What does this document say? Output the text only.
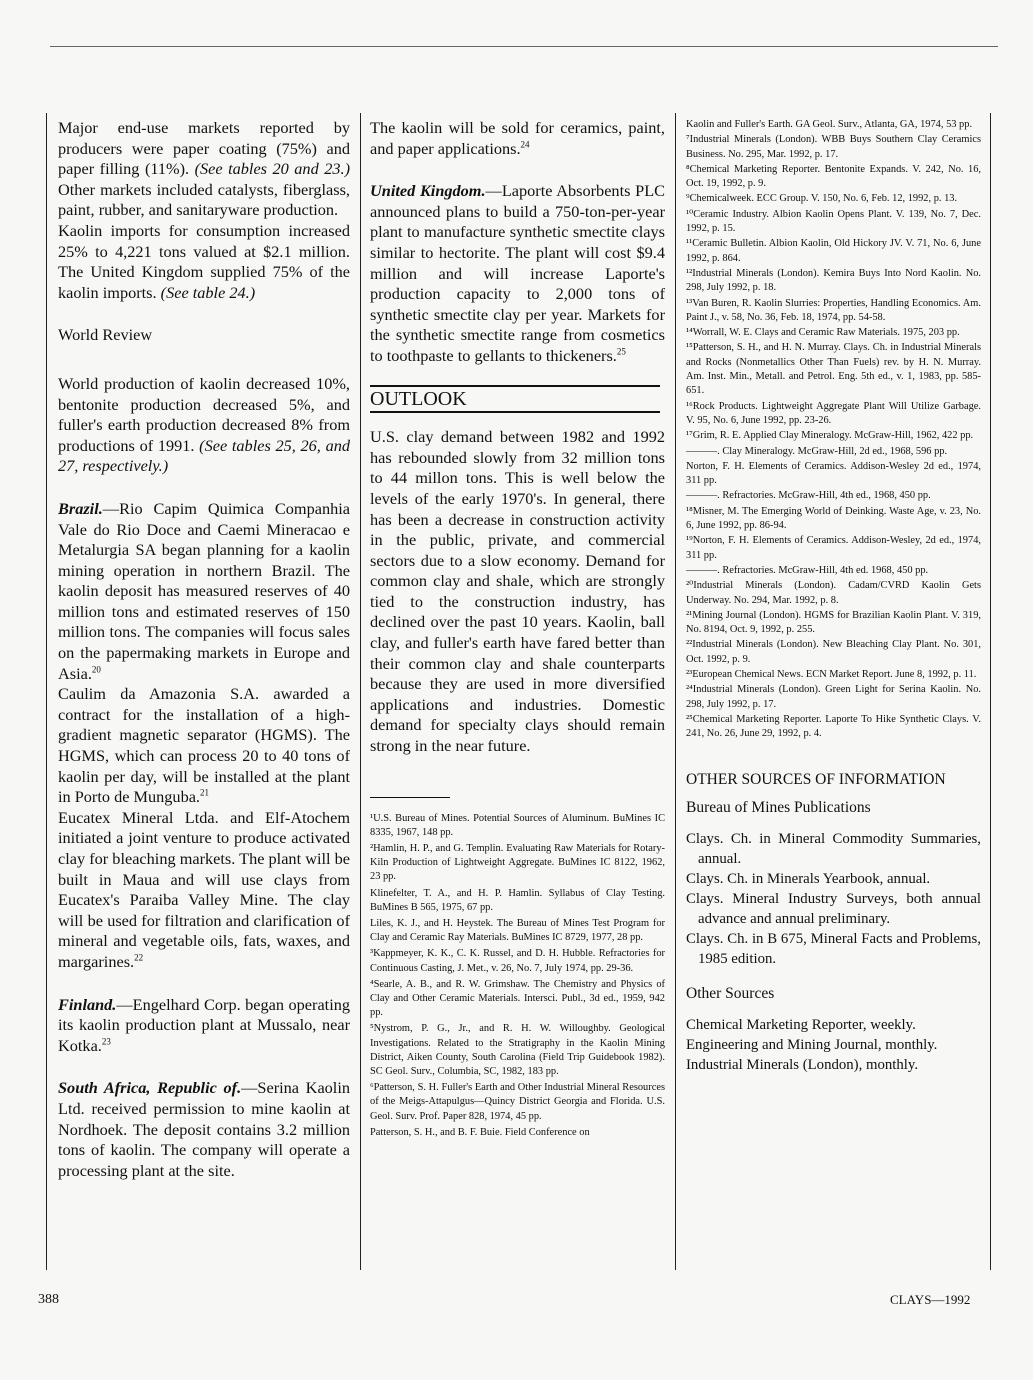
Major end-use markets reported by producers were paper coating (75%) and paper filling (11%). (See tables 20 and 23.) Other markets included catalysts, fiberglass, paint, rubber, and sanitaryware production.

Kaolin imports for consumption increased 25% to 4,221 tons valued at $2.1 million. The United Kingdom supplied 75% of the kaolin imports. (See table 24.)

World Review

World production of kaolin decreased 10%, bentonite production decreased 5%, and fuller's earth production decreased 8% from productions of 1991. (See tables 25, 26, and 27, respectively.)

Brazil.—Rio Capim Quimica Companhia Vale do Rio Doce and Caemi Mineracao e Metalurgia SA began planning for a kaolin mining operation in northern Brazil. The kaolin deposit has measured reserves of 40 million tons and estimated reserves of 150 million tons. The companies will focus sales on the papermaking markets in Europe and Asia.$^{20}$

Caulim da Amazonia S.A. awarded a contract for the installation of a high-gradient magnetic separator (HGMS). The HGMS, which can process 20 to 40 tons of kaolin per day, will be installed at the plant in Porto de Munguba.$^{21}$

Eucatex Mineral Ltda. and Elf-Atochem initiated a joint venture to produce activated clay for bleaching markets. The plant will be built in Maua and will use clays from Eucatex's Paraiba Valley Mine. The clay will be used for filtration and clarification of mineral and vegetable oils, fats, waxes, and margarines.$^{22}$

Finland.—Engelhard Corp. began operating its kaolin production plant at Mussalo, near Kotka.$^{23}$

South Africa, Republic of.—Serina Kaolin Ltd. received permission to mine kaolin at Nordhoek. The deposit contains 3.2 million tons of kaolin. The company will operate a processing plant at the site.

The kaolin will be sold for ceramics, paint, and paper applications.$^{24}$

United Kingdom.—Laporte Absorbents PLC announced plans to build a 750-ton-per-year plant to manufacture synthetic smectite clays similar to hectorite. The plant will cost $9.4 million and will increase Laporte's production capacity to 2,000 tons of synthetic smectite clay per year. Markets for the synthetic smectite range from cosmetics to toothpaste to gellants to thickeners.$^{25}$

OUTLOOK

U.S. clay demand between 1982 and 1992 has rebounded slowly from 32 million tons to 44 millon tons. This is well below the levels of the early 1970's. In general, there has been a decrease in construction activity in the public, private, and commercial sectors due to a slow economy. Demand for common clay and shale, which are strongly tied to the construction industry, has declined over the past 10 years. Kaolin, ball clay, and fuller's earth have fared better than their common clay and shale counterparts because they are used in more diversified applications and industries. Domestic demand for specialty clays should remain strong in the near future.

¹U.S. Bureau of Mines. Potential Sources of Aluminum. BuMines IC 8335, 1967, 148 pp.

²Hamlin, H. P., and G. Templin. Evaluating Raw Materials for Rotary-Kiln Production of Lightweight Aggregate. BuMines IC 8122, 1962, 23 pp.

Klinefelter, T. A., and H. P. Hamlin. Syllabus of Clay Testing. BuMines B 565, 1975, 67 pp.

Liles, K. J., and H. Heystek. The Bureau of Mines Test Program for Clay and Ceramic Ray Materials. BuMines IC 8729, 1977, 28 pp.

³Kappmeyer, K. K., C. K. Russel, and D. H. Hubble. Refractories for Continuous Casting, J. Met., v. 26, No. 7, July 1974, pp. 29-36.

⁴Searle, A. B., and R. W. Grimshaw. The Chemistry and Physics of Clay and Other Ceramic Materials. Intersci. Publ., 3d ed., 1959, 942 pp.

⁵Nystrom, P. G., Jr., and R. H. W. Willoughby. Geological Investigations. Related to the Stratigraphy in the Kaolin Mining District, Aiken County, South Carolina (Field Trip Guidebook 1982). SC Geol. Surv., Columbia, SC, 1982, 183 pp.

⁶Patterson, S. H. Fuller's Earth and Other Industrial Mineral Resources of the Meigs-Attapulgus—Quincy District Georgia and Florida. U.S. Geol. Surv. Prof. Paper 828, 1974, 45 pp.

Patterson, S. H., and B. F. Buie. Field Conference on

Kaolin and Fuller's Earth. GA Geol. Surv., Atlanta, GA, 1974, 53 pp.

⁷Industrial Minerals (London). WBB Buys Southern Clay Ceramics Business. No. 295, Mar. 1992, p. 17.

⁸Chemical Marketing Reporter. Bentonite Expands. V. 242, No. 16, Oct. 19, 1992, p. 9.

⁹Chemicalweek. ECC Group. V. 150, No. 6, Feb. 12, 1992, p. 13.

¹⁰Ceramic Industry. Albion Kaolin Opens Plant. V. 139, No. 7, Dec. 1992, p. 15.

¹¹Ceramic Bulletin. Albion Kaolin, Old Hickory JV. V. 71, No. 6, June 1992, p. 864.

¹²Industrial Minerals (London). Kemira Buys Into Nord Kaolin. No. 298, July 1992, p. 18.

¹³Van Buren, R. Kaolin Slurries: Properties, Handling Economics. Am. Paint J., v. 58, No. 36, Feb. 18, 1974, pp. 54-58.

¹⁴Worrall, W. E. Clays and Ceramic Raw Materials. 1975, 203 pp.

¹⁵Patterson, S. H., and H. N. Murray. Clays. Ch. in Industrial Minerals and Rocks (Nonmetallics Other Than Fuels) rev. by H. N. Murray. Am. Inst. Min., Metall. and Petrol. Eng. 5th ed., v. 1, 1983, pp. 585-651.

¹⁶Rock Products. Lightweight Aggregate Plant Will Utilize Garbage. V. 95, No. 6, June 1992, pp. 23-26.

¹⁷Grim, R. E. Applied Clay Mineralogy. McGraw-Hill, 1962, 422 pp.

———. Clay Mineralogy. McGraw-Hill, 2d ed., 1968, 596 pp.

Norton, F. H. Elements of Ceramics. Addison-Wesley 2d ed., 1974, 311 pp.

———. Refractories. McGraw-Hill, 4th ed., 1968, 450 pp.

¹⁸Misner, M. The Emerging World of Deinking. Waste Age, v. 23, No. 6, June 1992, pp. 86-94.

¹⁹Norton, F. H. Elements of Ceramics. Addison-Wesley, 2d ed., 1974, 311 pp.

———. Refractories. McGraw-Hill, 4th ed. 1968, 450 pp.

²⁰Industrial Minerals (London). Cadam/CVRD Kaolin Gets Underway. No. 294, Mar. 1992, p. 8.

²¹Mining Journal (London). HGMS for Brazilian Kaolin Plant. V. 319, No. 8194, Oct. 9, 1992, p. 255.

²²Industrial Minerals (London). New Bleaching Clay Plant. No. 301, Oct. 1992, p. 9.

²³European Chemical News. ECN Market Report. June 8, 1992, p. 11.

²⁴Industrial Minerals (London). Green Light for Serina Kaolin. No. 298, July 1992, p. 17.

²⁵Chemical Marketing Reporter. Laporte To Hike Synthetic Clays. V. 241, No. 26, June 29, 1992, p. 4.

OTHER SOURCES OF INFORMATION
Bureau of Mines Publications

Clays. Ch. in Mineral Commodity Summaries, annual.

Clays. Ch. in Minerals Yearbook, annual.

Clays. Mineral Industry Surveys, both annual advance and annual preliminary.

Clays. Ch. in B 675, Mineral Facts and Problems, 1985 edition.

Other Sources

Chemical Marketing Reporter, weekly.

Engineering and Mining Journal, monthly.

Industrial Minerals (London), monthly.

388	CLAYS—1992
